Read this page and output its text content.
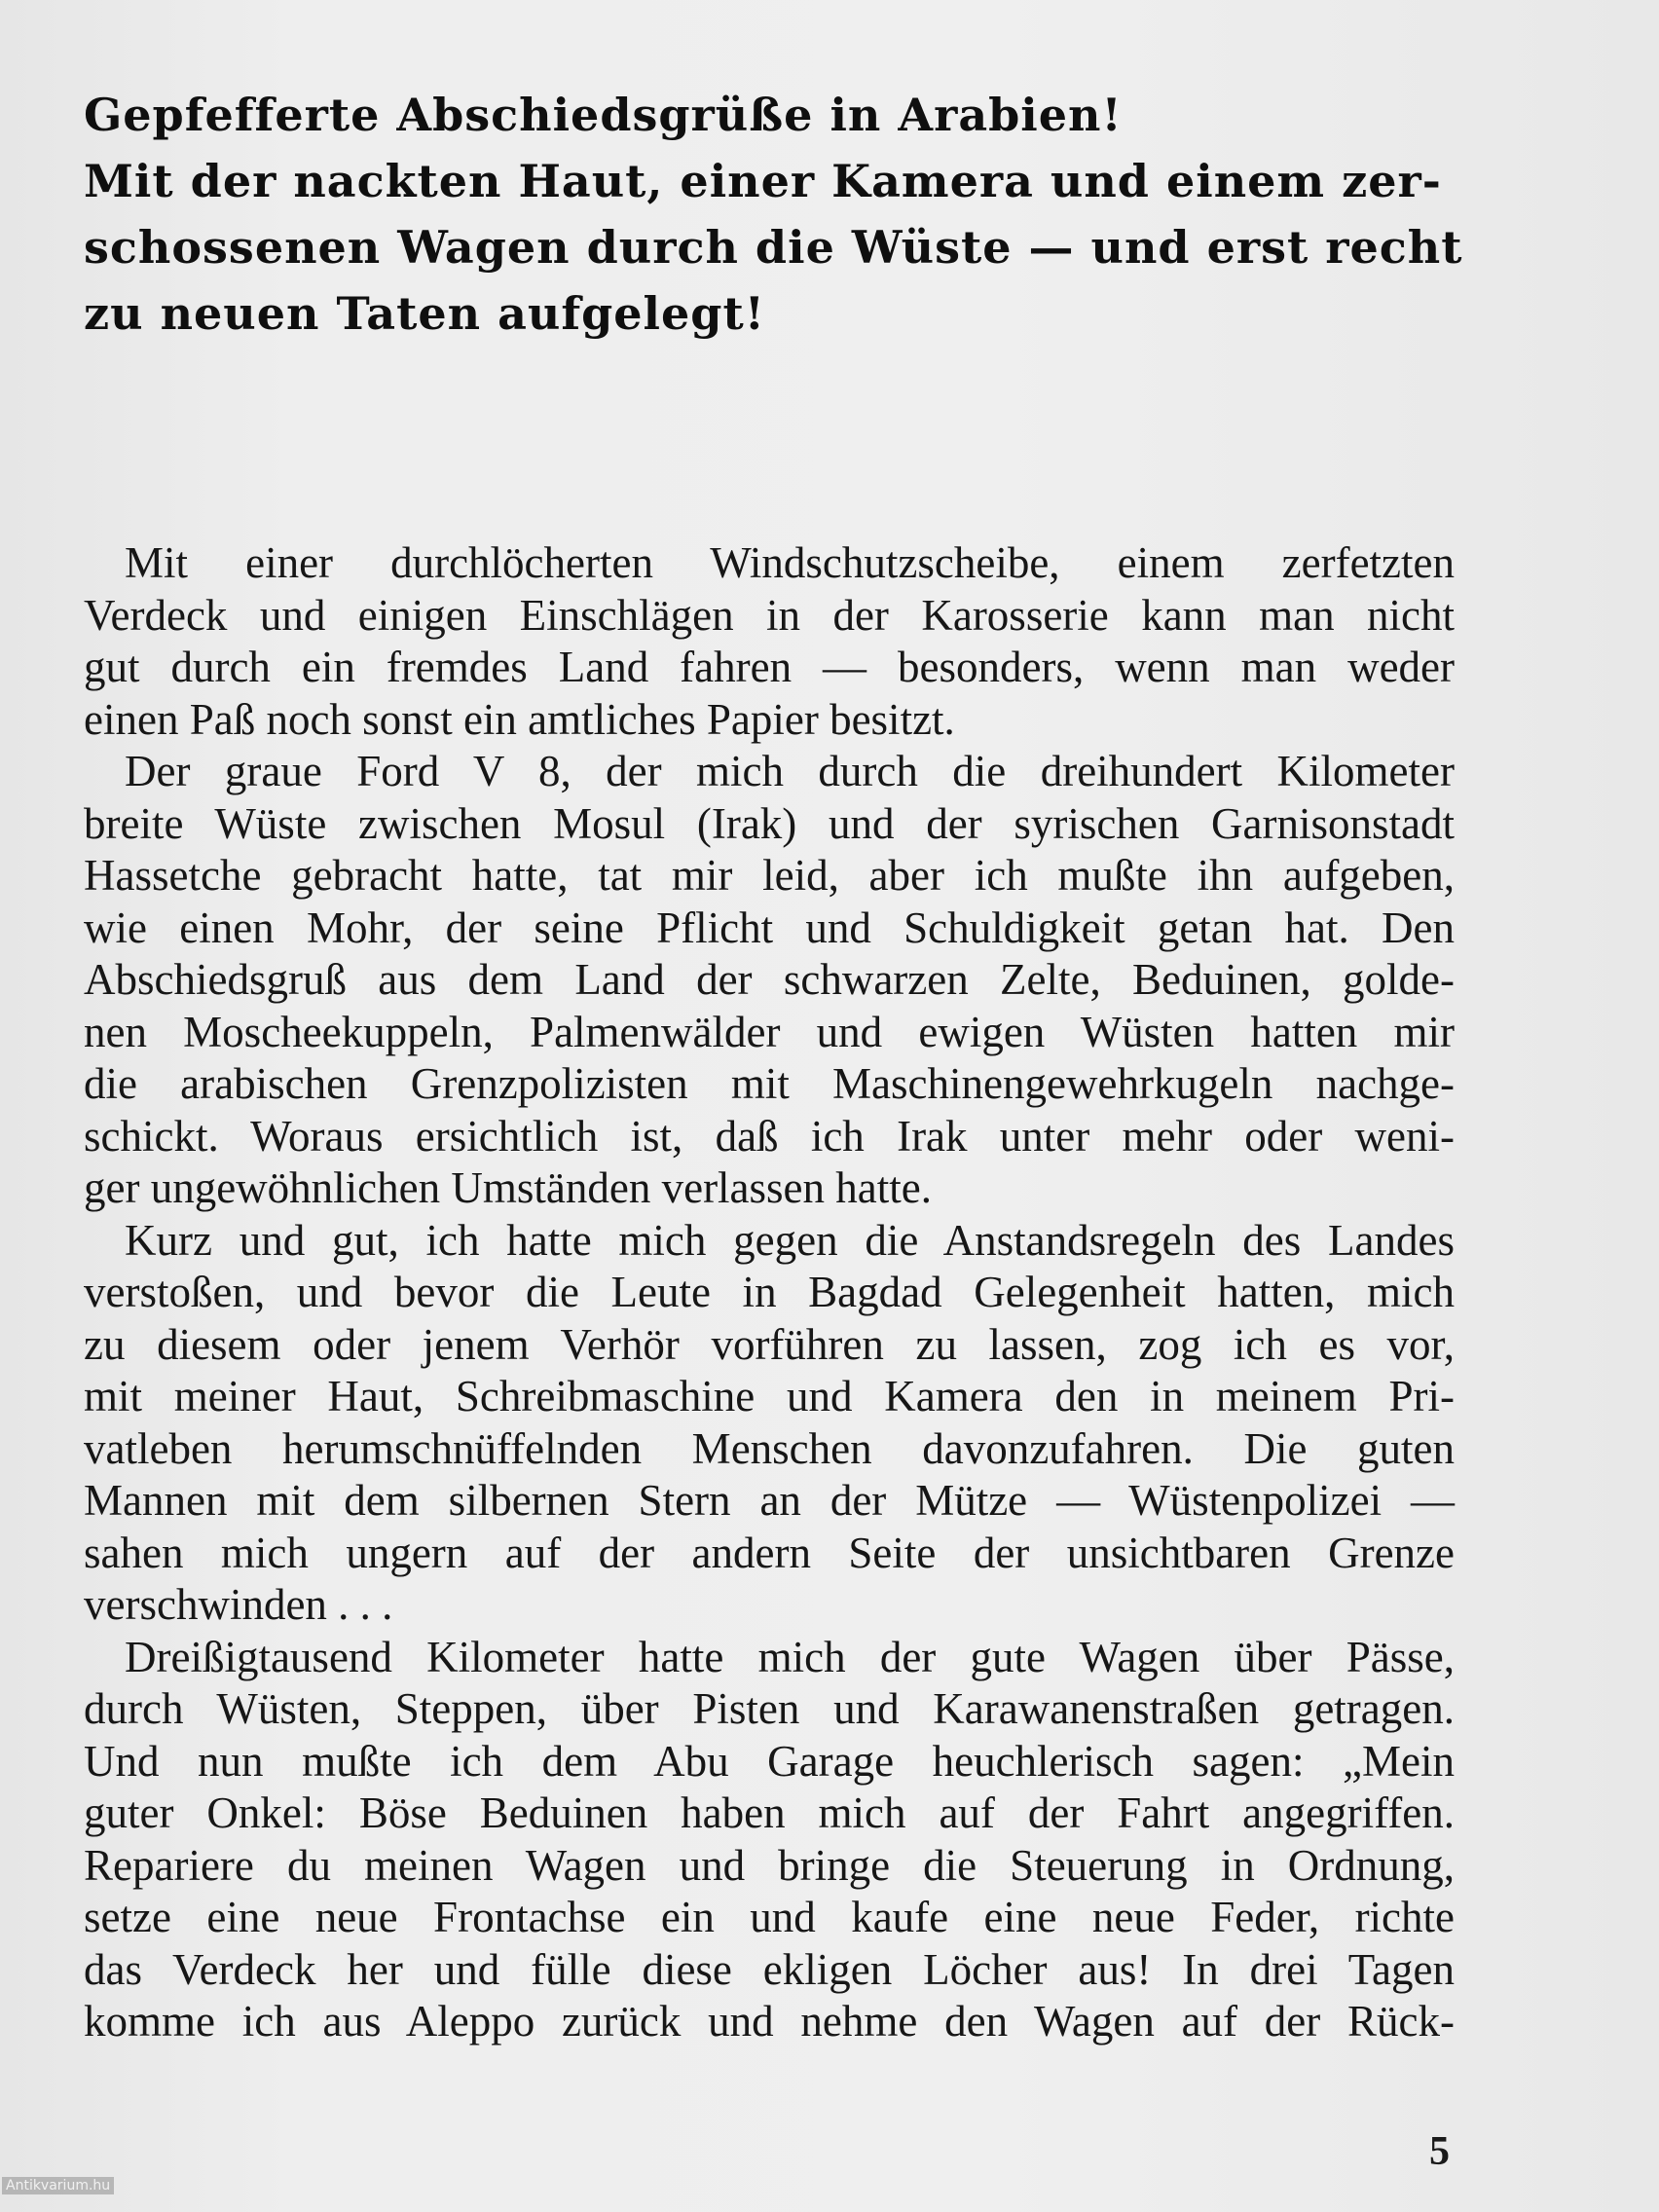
Gepfefferte Abschiedsgrüße in Arabien!
Mit der nackten Haut, einer Kamera und einem zer-
schossenen Wagen durch die Wüste — und erst recht
zu neuen Taten aufgelegt!
Mit einer durchlöcherten Windschutzscheibe, einem zerfetzten
Verdeck und einigen Einschlägen in der Karosserie kann man nicht
gut durch ein fremdes Land fahren — besonders, wenn man weder
einen Paß noch sonst ein amtliches Papier besitzt.
Der graue Ford V 8, der mich durch die dreihundert Kilometer
breite Wüste zwischen Mosul (Irak) und der syrischen Garnisonstadt
Hassetche gebracht hatte, tat mir leid, aber ich mußte ihn aufgeben,
wie einen Mohr, der seine Pflicht und Schuldigkeit getan hat. Den
Abschiedsgruß aus dem Land der schwarzen Zelte, Beduinen, golde-
nen Moscheekuppeln, Palmenwälder und ewigen Wüsten hatten mir
die arabischen Grenzpolizisten mit Maschinengewehrkugeln nachge-
schickt. Woraus ersichtlich ist, daß ich Irak unter mehr oder weni-
ger ungewöhnlichen Umständen verlassen hatte.
Kurz und gut, ich hatte mich gegen die Anstandsregeln des Landes
verstoßen, und bevor die Leute in Bagdad Gelegenheit hatten, mich
zu diesem oder jenem Verhör vorführen zu lassen, zog ich es vor,
mit meiner Haut, Schreibmaschine und Kamera den in meinem Pri-
vatleben herumschnüffelnden Menschen davonzufahren. Die guten
Mannen mit dem silbernen Stern an der Mütze — Wüstenpolizei —
sahen mich ungern auf der andern Seite der unsichtbaren Grenze
verschwinden . . .
Dreißigtausend Kilometer hatte mich der gute Wagen über Pässe,
durch Wüsten, Steppen, über Pisten und Karawanenstraßen getragen.
Und nun mußte ich dem Abu Garage heuchlerisch sagen: „Mein
guter Onkel: Böse Beduinen haben mich auf der Fahrt angegriffen.
Repariere du meinen Wagen und bringe die Steuerung in Ordnung,
setze eine neue Frontachse ein und kaufe eine neue Feder, richte
das Verdeck her und fülle diese ekligen Löcher aus! In drei Tagen
komme ich aus Aleppo zurück und nehme den Wagen auf der Rück-
5
Antikvarium.hu
